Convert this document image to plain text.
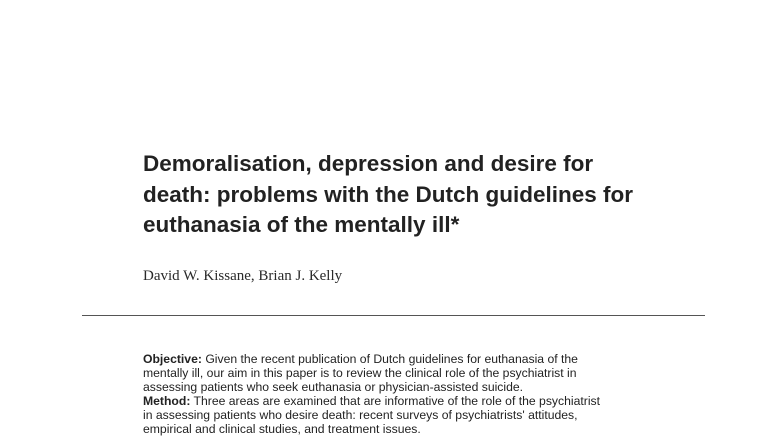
Demoralisation, depression and desire for
death: problems with the Dutch guidelines for
euthanasia of the mentally ill*

David W. Kissane, Brian J. Kelly

Objective: Given the recent publication of Dutch guidelines for euthanasia of the
mentally ill, our aim in this paper is to review the clinical role of the psychiatrist in
assessing patients who seek euthanasia or physician-assisted suicide.
Method: Three areas are examined that are informative of the role of the psychiatrist
in assessing patients who desire death: recent surveys of psychiatrists' attitudes,
empirical and clinical studies, and treatment issues.
